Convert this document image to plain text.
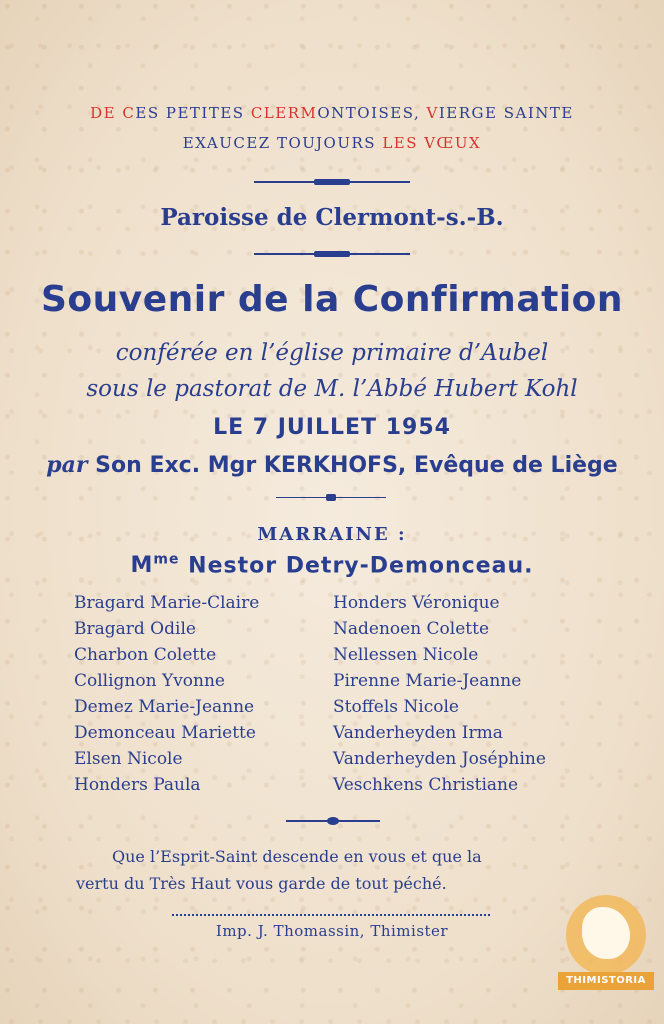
DE CES PETITES CLERMONTOISES, VIERGE SAINTE
EXAUCEZ TOUJOURS LES VŒUX
Paroisse de Clermont-s.-B.
Souvenir de la Confirmation
conférée en l’église primaire d’Aubel
sous le pastorat de M. l’Abbé Hubert Kohl
LE 7 JUILLET 1954
par Son Exc. Mgr KERKHOFS, Evêque de Liège
MARRAINE :
$M^{me}$ Nestor Detry-Demonceau.
Bragard Marie-Claire
Bragard Odile
Charbon Colette
Collignon Yvonne
Demez Marie-Jeanne
Demonceau Mariette
Elsen Nicole
Honders Paula
Honders Véronique
Nadenoen Colette
Nellessen Nicole
Pirenne Marie-Jeanne
Stoffels Nicole
Vanderheyden Irma
Vanderheyden Joséphine
Veschkens Christiane
Que l’Esprit-Saint descende en vous et que la
vertu du Très Haut vous garde de tout péché.
Imp. J. Thomassin, Thimister
THIMISTORIA
